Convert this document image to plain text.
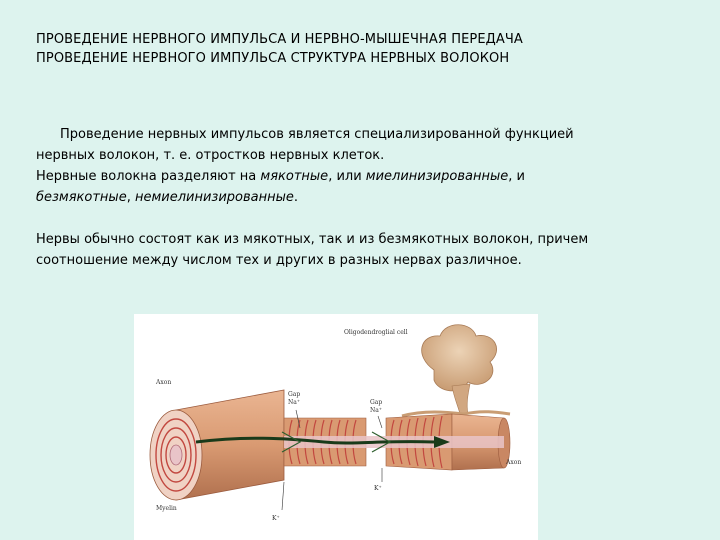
ПРОВЕДЕНИЕ НЕРВНОГО ИМПУЛЬСА И НЕРВНО-МЫШЕЧНАЯ ПЕРЕДАЧА
ПРОВЕДЕНИЕ НЕРВНОГО ИМПУЛЬСА СТРУКТУРА НЕРВНЫХ ВОЛОКОН

Проведение нервных импульсов является специализированной функцией
нервных волокон, т. е. отростков нервных клеток.

Нервные волокна разделяют на мякотные, или миелинизированные, и
безмякотные, немиелинизированные.

Нервы обычно состоят как из мякотных, так и из безмякотных волокон, причем
соотношение между числом тех и других в разных нервах различное.

Oligodendroglial cell
Axon
Gap
Na⁺	Gap
Na⁺
K⁺
K⁺
Myelin
Axon
